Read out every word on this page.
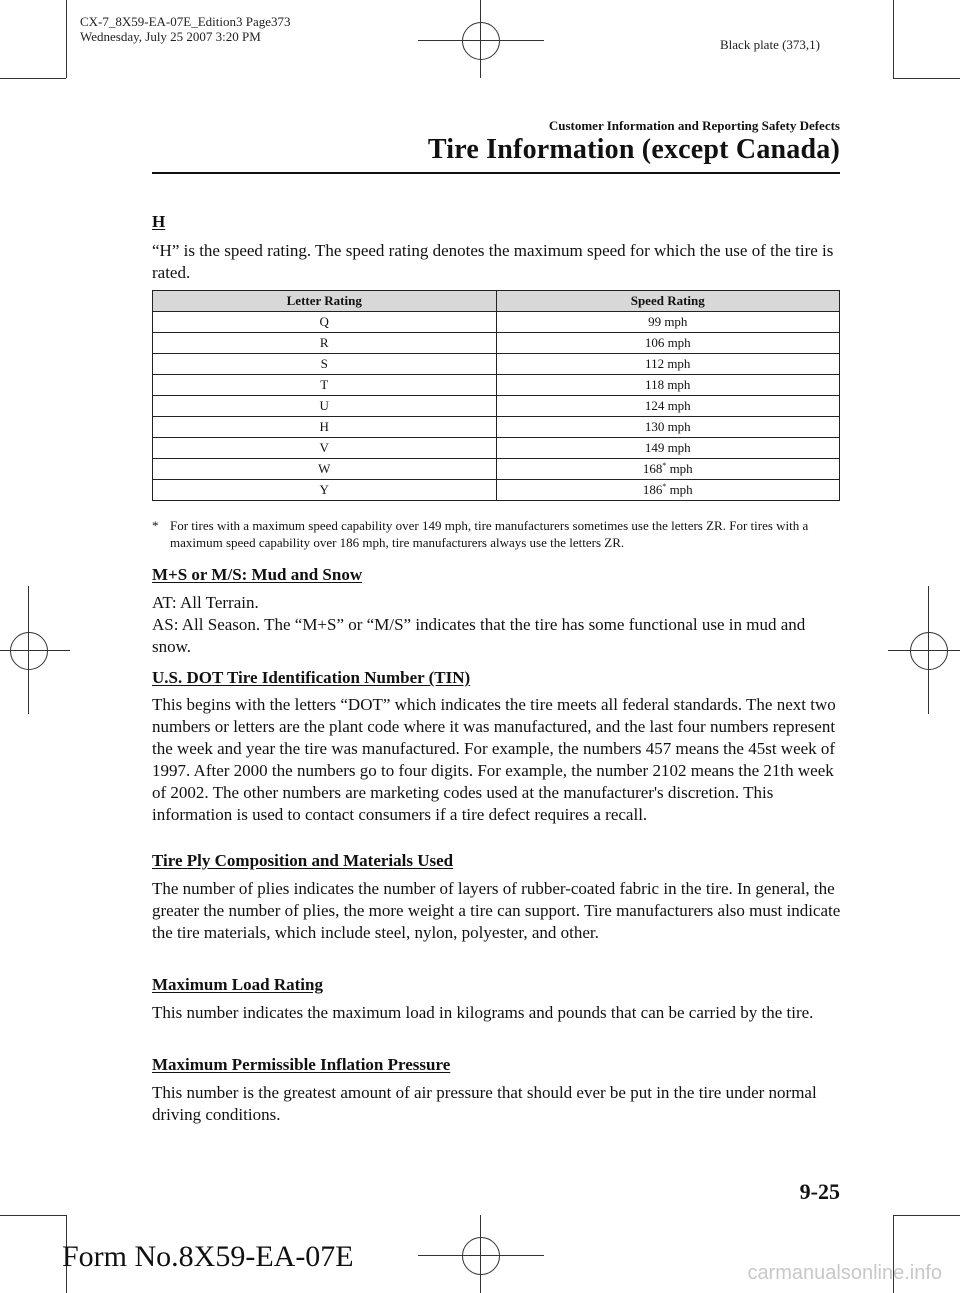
CX-7_8X59-EA-07E_Edition3 Page373
Wednesday, July 25 2007 3:20 PM
Black plate (373,1)
Customer Information and Reporting Safety Defects
Tire Information (except Canada)
H
“H” is the speed rating. The speed rating denotes the maximum speed for which the use of the tire is rated.
Letter Rating	Speed Rating
Q	99 mph
R	106 mph
S	112 mph
T	118 mph
U	124 mph
H	130 mph
V	149 mph
W	168* mph
Y	186* mph
* For tires with a maximum speed capability over 149 mph, tire manufacturers sometimes use the letters ZR. For tires with a maximum speed capability over 186 mph, tire manufacturers always use the letters ZR.
M+S or M/S: Mud and Snow
AT: All Terrain.
AS: All Season. The “M+S” or “M/S” indicates that the tire has some functional use in mud and snow.
U.S. DOT Tire Identification Number (TIN)
This begins with the letters “DOT” which indicates the tire meets all federal standards. The next two numbers or letters are the plant code where it was manufactured, and the last four numbers represent the week and year the tire was manufactured. For example, the numbers 457 means the 45st week of 1997. After 2000 the numbers go to four digits. For example, the number 2102 means the 21th week of 2002. The other numbers are marketing codes used at the manufacturer's discretion. This information is used to contact consumers if a tire defect requires a recall.
Tire Ply Composition and Materials Used
The number of plies indicates the number of layers of rubber-coated fabric in the tire. In general, the greater the number of plies, the more weight a tire can support. Tire manufacturers also must indicate the tire materials, which include steel, nylon, polyester, and other.
Maximum Load Rating
This number indicates the maximum load in kilograms and pounds that can be carried by the tire.
Maximum Permissible Inflation Pressure
This number is the greatest amount of air pressure that should ever be put in the tire under normal driving conditions.
9-25
Form No.8X59-EA-07E	carmanualsonline.info
